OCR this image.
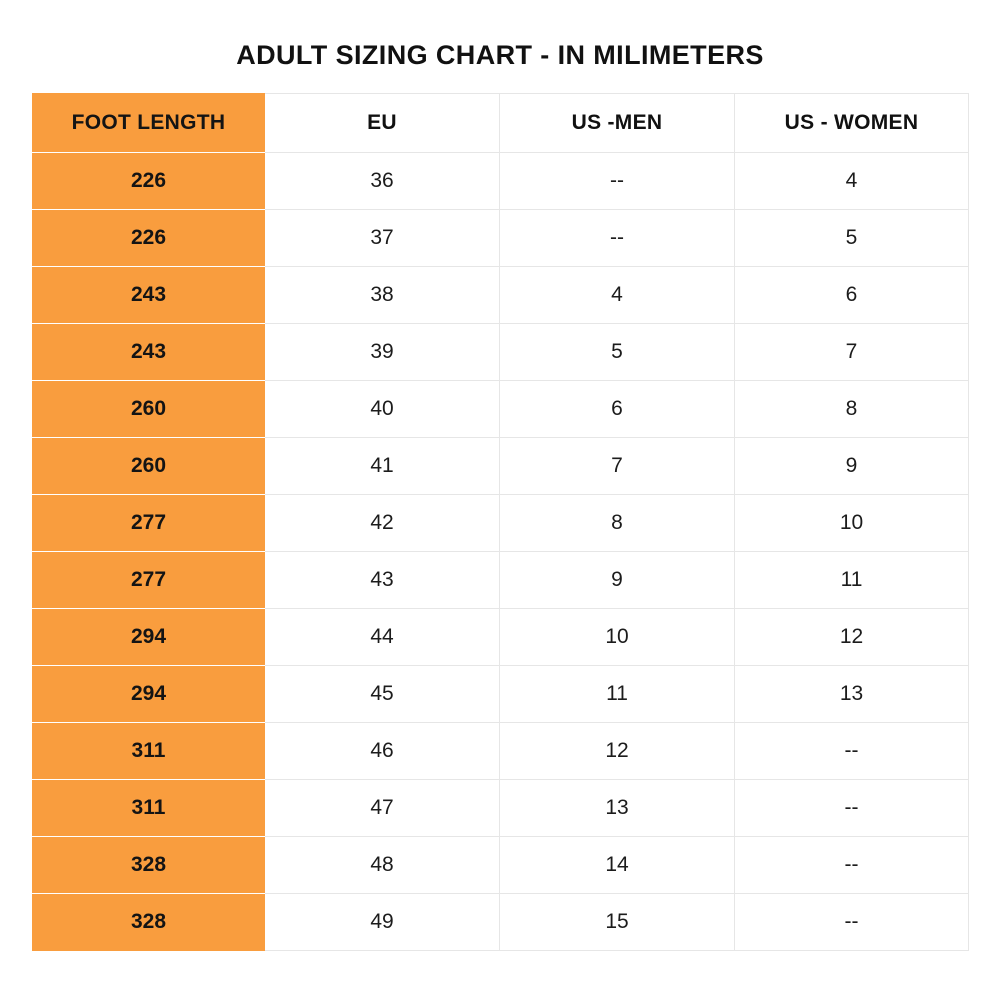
ADULT SIZING CHART - IN MILIMETERS
FOOT LENGTH	EU	US -MEN	US - WOMEN
226	36	--	4
226	37	--	5
243	38	4	6
243	39	5	7
260	40	6	8
260	41	7	9
277	42	8	10
277	43	9	11
294	44	10	12
294	45	11	13
311	46	12	--
311	47	13	--
328	48	14	--
328	49	15	--
